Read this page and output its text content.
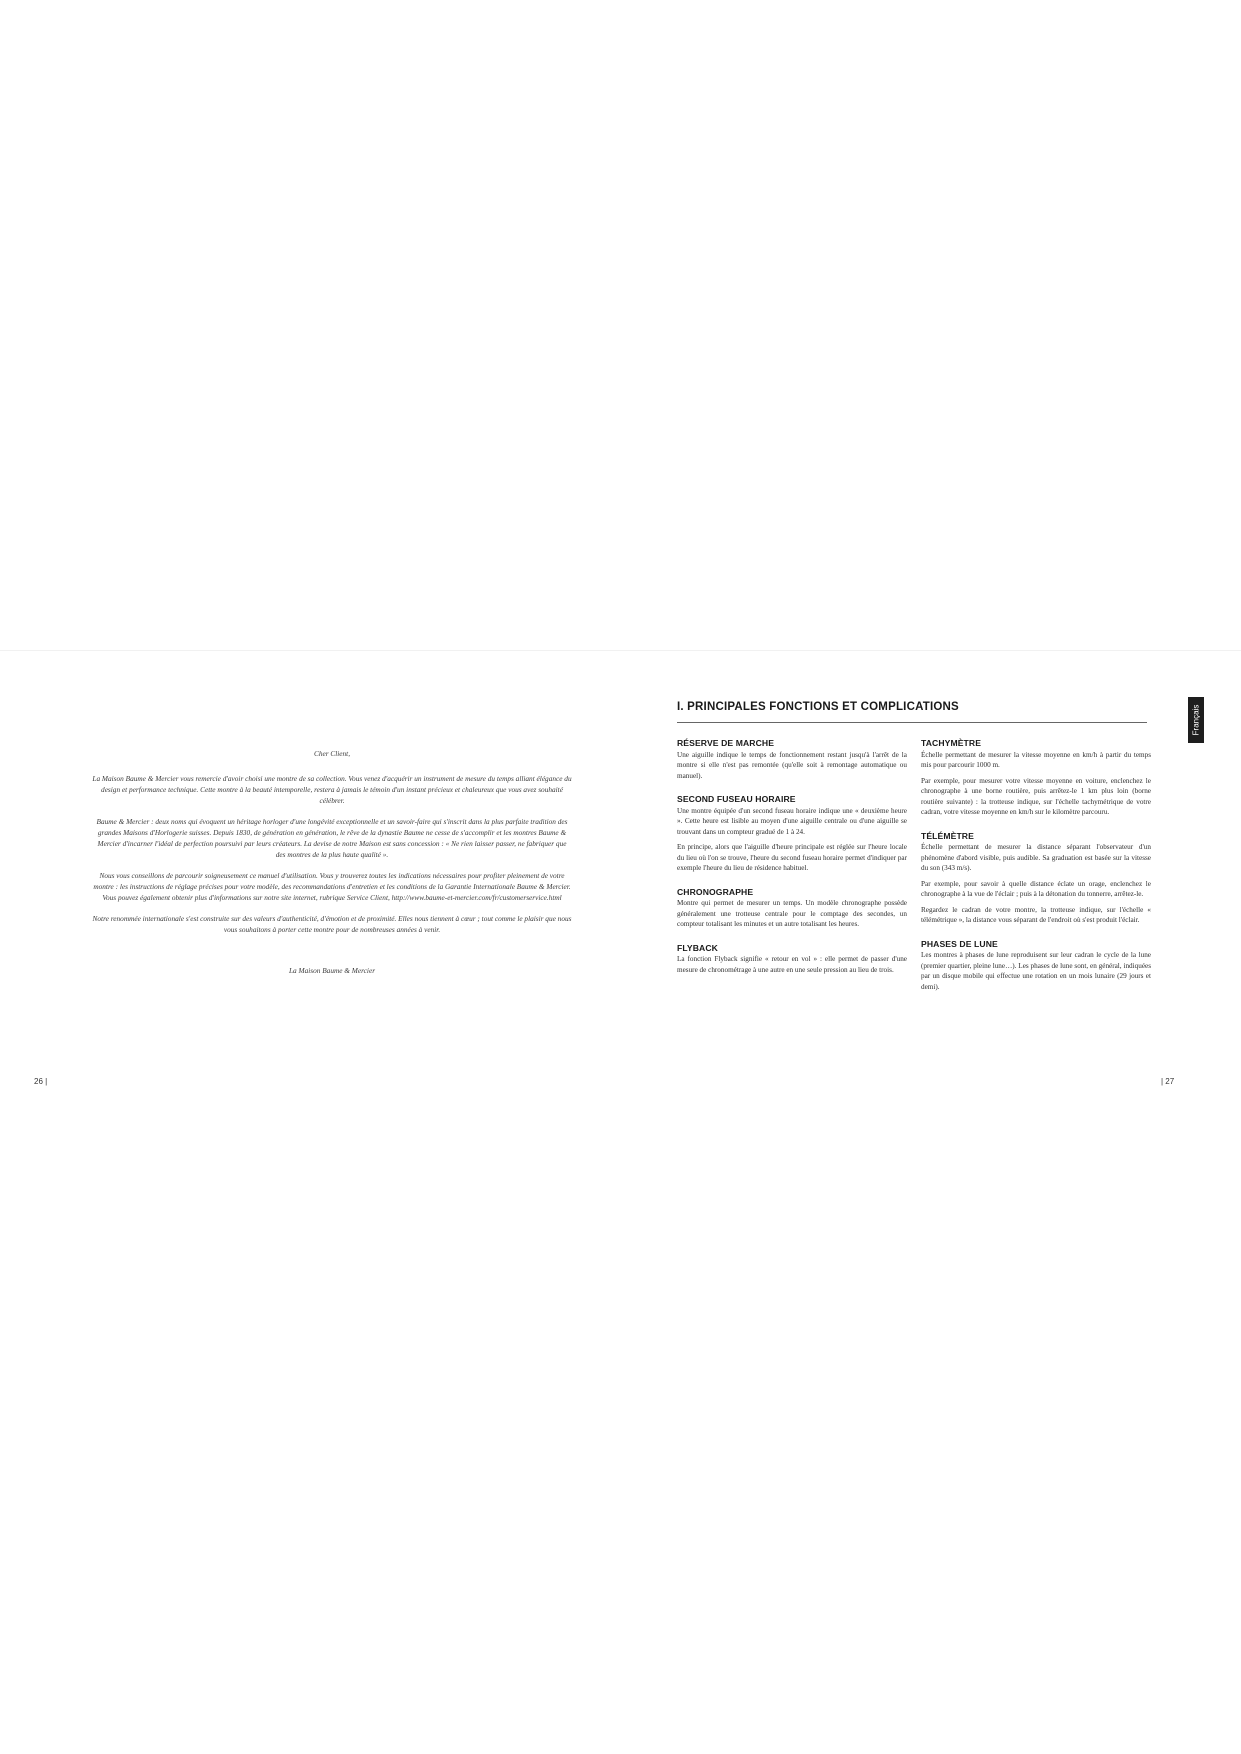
Cher Client,

La Maison Baume & Mercier vous remercie d'avoir choisi une montre de sa collection. Vous venez d'acquérir un instrument de mesure du temps alliant élégance du design et performance technique. Cette montre à la beauté intemporelle, restera à jamais le témoin d'un instant précieux et chaleureux que vous avez souhaité célébrer.

Baume & Mercier : deux noms qui évoquent un héritage horloger d'une longévité exceptionnelle et un savoir-faire qui s'inscrit dans la plus parfaite tradition des grandes Maisons d'Horlogerie suisses. Depuis 1830, de génération en génération, le rêve de la dynastie Baume ne cesse de s'accomplir et les montres Baume & Mercier d'incarner l'idéal de perfection poursuivi par leurs créateurs. La devise de notre Maison est sans concession : « Ne rien laisser passer, ne fabriquer que des montres de la plus haute qualité ».

Nous vous conseillons de parcourir soigneusement ce manuel d'utilisation. Vous y trouverez toutes les indications nécessaires pour profiter pleinement de votre montre : les instructions de réglage précises pour votre modèle, des recommandations d'entretien et les conditions de la Garantie Internationale Baume & Mercier. Vous pouvez également obtenir plus d'informations sur notre site internet, rubrique Service Client, http://www.baume-et-mercier.com/fr/customerservice.html

Notre renommée internationale s'est construite sur des valeurs d'authenticité, d'émotion et de proximité. Elles nous tiennent à cœur ; tout comme le plaisir que nous vous souhaitons à porter cette montre pour de nombreuses années à venir.

La Maison Baume & Mercier

26 |
I. PRINCIPALES FONCTIONS ET COMPLICATIONS	Français
RÉSERVE DE MARCHE

Une aiguille indique le temps de fonctionnement restant jusqu'à l'arrêt de la montre si elle n'est pas remontée (qu'elle soit à remontage automatique ou manuel).

SECOND FUSEAU HORAIRE

Une montre équipée d'un second fuseau horaire indique une « deuxième heure ». Cette heure est lisible au moyen d'une aiguille centrale ou d'une aiguille se trouvant dans un compteur gradué de 1 à 24.

En principe, alors que l'aiguille d'heure principale est réglée sur l'heure locale du lieu où l'on se trouve, l'heure du second fuseau horaire permet d'indiquer par exemple l'heure du lieu de résidence habituel.

CHRONOGRAPHE

Montre qui permet de mesurer un temps. Un modèle chronographe possède généralement une trotteuse centrale pour le comptage des secondes, un compteur totalisant les minutes et un autre totalisant les heures.

FLYBACK

La fonction Flyback signifie « retour en vol » : elle permet de passer d'une mesure de chronométrage à une autre en une seule pression au lieu de trois.

TACHYMÈTRE

Échelle permettant de mesurer la vitesse moyenne en km/h à partir du temps mis pour parcourir 1000 m.

Par exemple, pour mesurer votre vitesse moyenne en voiture, enclenchez le chronographe à une borne routière, puis arrêtez-le 1 km plus loin (borne routière suivante) : la trotteuse indique, sur l'échelle tachymétrique de votre cadran, votre vitesse moyenne en km/h sur le kilomètre parcouru.

TÉLÉMÈTRE

Échelle permettant de mesurer la distance séparant l'observateur d'un phénomène d'abord visible, puis audible. Sa graduation est basée sur la vitesse du son (343 m/s).

Par exemple, pour savoir à quelle distance éclate un orage, enclenchez le chronographe à la vue de l'éclair ; puis à la détonation du tonnerre, arrêtez-le.

Regardez le cadran de votre montre, la trotteuse indique, sur l'échelle « télémétrique », la distance vous séparant de l'endroit où s'est produit l'éclair.

PHASES DE LUNE

Les montres à phases de lune reproduisent sur leur cadran le cycle de la lune (premier quartier, pleine lune…). Les phases de lune sont, en général, indiquées par un disque mobile qui effectue une rotation en un mois lunaire (29 jours et demi).

| 27
